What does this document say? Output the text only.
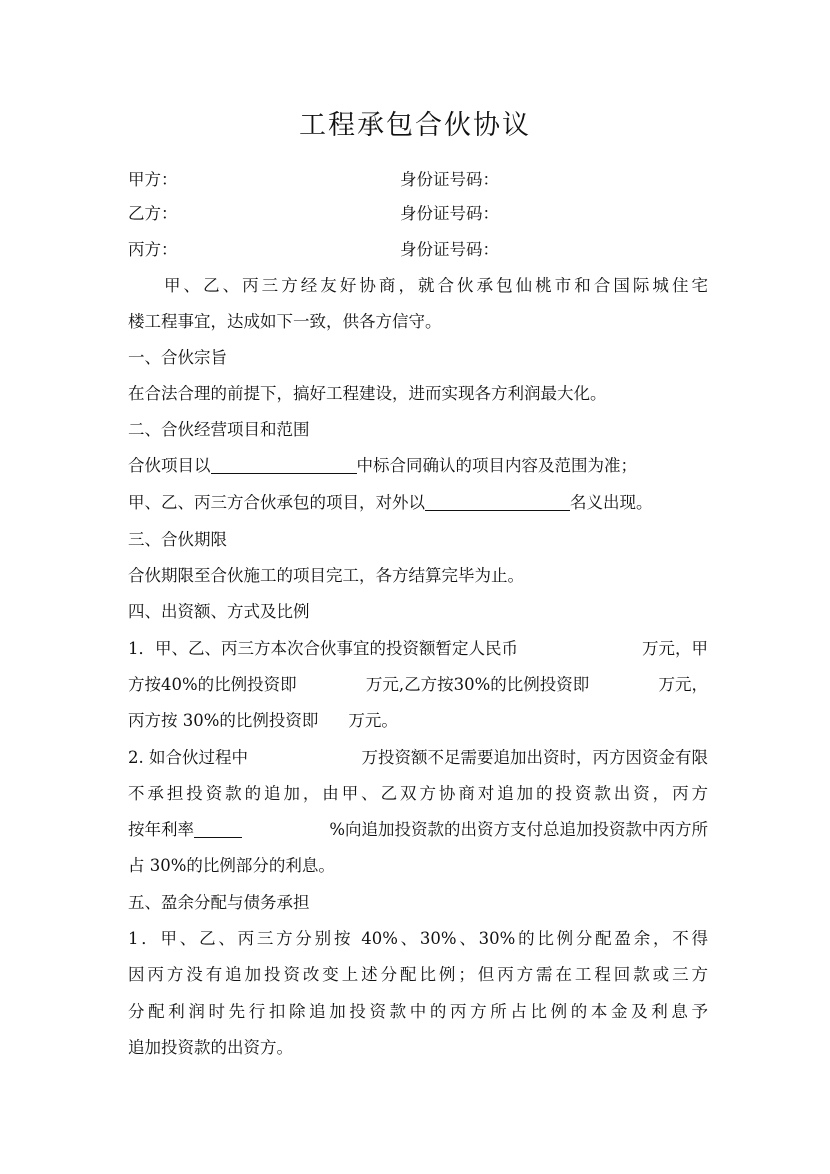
工程承包合伙协议
甲方：	身份证号码：
乙方：	身份证号码：
丙方：	身份证号码：
甲、乙、丙三方经友好协商，就合伙承包仙桃市和合国际城住宅
楼工程事宜，达成如下一致，供各方信守。
一、合伙宗旨
在合法合理的前提下，搞好工程建设，进而实现各方利润最大化。
二、合伙经营项目和范围
合伙项目以	中标合同确认的项目内容及范围为准；
甲、乙、丙三方合伙承包的项目，对外以	名义出现。
三、合伙期限
合伙期限至合伙施工的项目完工，各方结算完毕为止。
四、出资额、方式及比例
1．甲、乙、丙三方本次合伙事宜的投资额暂定人民币	万元，甲
方按40%的比例投资即	万元,乙方按30%的比例投资即	万元，
丙方按 30%的比例投资即 万元。
2. 如合伙过程中	万投资额不足需要追加出资时，丙方因资金有限
不承担投资款的追加，由甲、乙双方协商对追加的投资款出资，丙方
按年利率	%向追加投资款的出资方支付总追加投资款中丙方所
占 30%的比例部分的利息。
五、盈余分配与债务承担
1．甲、乙、丙三方分别按 40%、30%、30%的比例分配盈余，不得
因丙方没有追加投资改变上述分配比例；但丙方需在工程回款或三方
分配利润时先行扣除追加投资款中的丙方所占比例的本金及利息予
追加投资款的出资方。
